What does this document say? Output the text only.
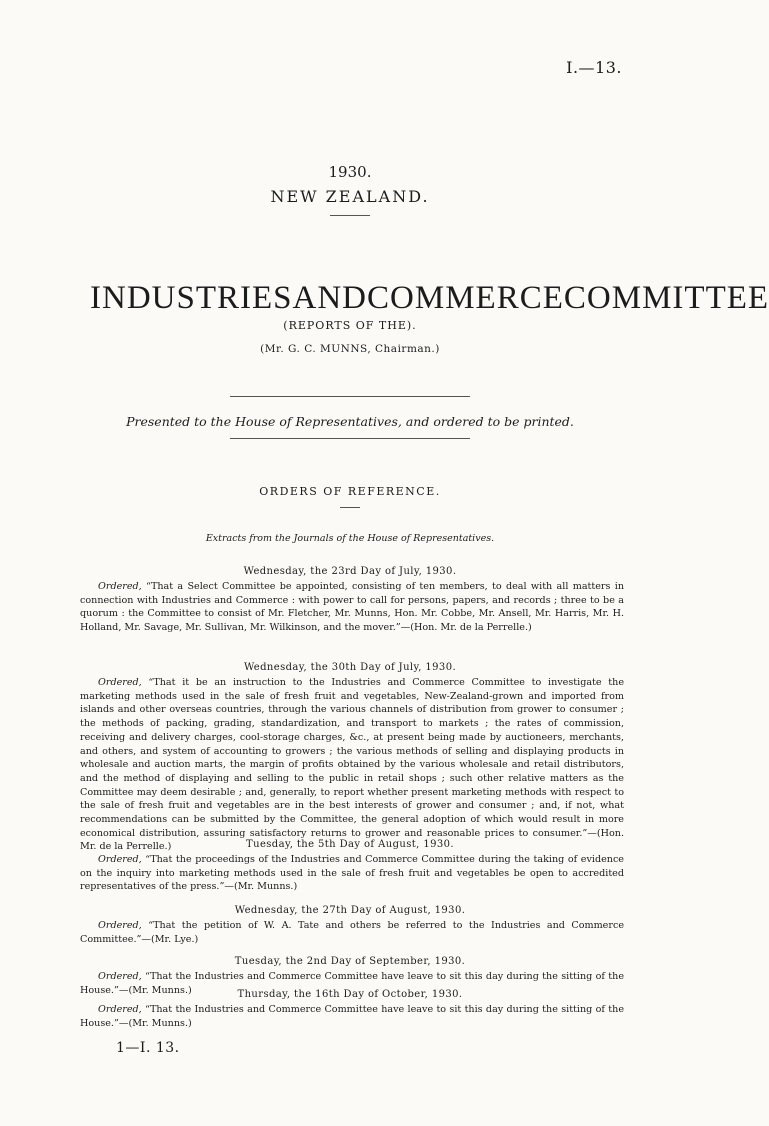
I.—13.
1930.
NEW ZEALAND.
INDUSTRIES AND COMMERCE COMMITTEE
(REPORTS OF THE).
(Mr. G. C. MUNNS, Chairman.)
Presented to the House of Representatives, and ordered to be printed.
ORDERS OF REFERENCE.
Extracts from the Journals of the House of Representatives.
Wednesday, the 23rd Day of July, 1930.
Ordered, “That a Select Committee be appointed, consisting of ten members, to deal with all matters in connection with Industries and Commerce : with power to call for persons, papers, and records ; three to be a quorum : the Committee to consist of Mr. Fletcher, Mr. Munns, Hon. Mr. Cobbe, Mr. Ansell, Mr. Harris, Mr. H. Holland, Mr. Savage, Mr. Sullivan, Mr. Wilkinson, and the mover.”—(Hon. Mr. de la Perrelle.)
Wednesday, the 30th Day of July, 1930.
Ordered, “That it be an instruction to the Industries and Commerce Committee to investigate the marketing methods used in the sale of fresh fruit and vegetables, New-Zealand-grown and imported from islands and other overseas countries, through the various channels of distribution from grower to consumer ; the methods of packing, grading, standardization, and transport to markets ; the rates of commission, receiving and delivery charges, cool-storage charges, &c., at present being made by auctioneers, merchants, and others, and system of accounting to growers ; the various methods of selling and displaying products in wholesale and auction marts, the margin of profits obtained by the various wholesale and retail distributors, and the method of displaying and selling to the public in retail shops ; such other relative matters as the Committee may deem desirable ; and, generally, to report whether present marketing methods with respect to the sale of fresh fruit and vegetables are in the best interests of grower and consumer ; and, if not, what recommendations can be submitted by the Committee, the general adoption of which would result in more economical distribution, assuring satisfactory returns to grower and reasonable prices to consumer.”—(Hon. Mr. de la Perrelle.)	Tuesday, the 5th Day of August, 1930.
Ordered, “That the proceedings of the Industries and Commerce Committee during the taking of evidence on the inquiry into marketing methods used in the sale of fresh fruit and vegetables be open to accredited representatives of the press.”—(Mr. Munns.)
Wednesday, the 27th Day of August, 1930.
Ordered, “That the petition of W. A. Tate and others be referred to the Industries and Commerce Committee.”—(Mr. Lye.)
Tuesday, the 2nd Day of September, 1930.
Ordered, “That the Industries and Commerce Committee have leave to sit this day during the sitting of the House.”—(Mr. Munns.)	Thursday, the 16th Day of October, 1930.
Ordered, “That the Industries and Commerce Committee have leave to sit this day during the sitting of the House.”—(Mr. Munns.)
1—I. 13.
